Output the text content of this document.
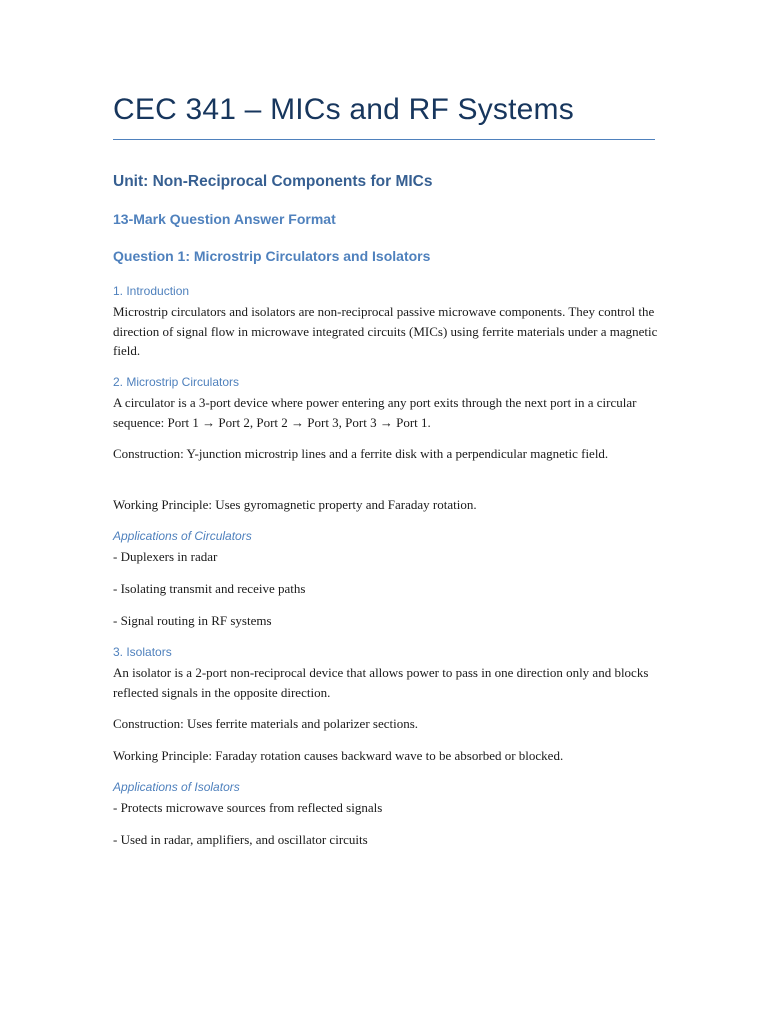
CEC 341 – MICs and RF Systems
Unit: Non-Reciprocal Components for MICs
13-Mark Question Answer Format
Question 1: Microstrip Circulators and Isolators
1. Introduction

Microstrip circulators and isolators are non-reciprocal passive microwave components. They control the direction of signal flow in microwave integrated circuits (MICs) using ferrite materials under a magnetic field.

2. Microstrip Circulators

A circulator is a 3-port device where power entering any port exits through the next port in a circular sequence: Port 1 → Port 2, Port 2 → Port 3, Port 3 → Port 1.

Construction: Y-junction microstrip lines and a ferrite disk with a perpendicular magnetic field.

Working Principle: Uses gyromagnetic property and Faraday rotation.

Applications of Circulators

- Duplexers in radar

- Isolating transmit and receive paths

- Signal routing in RF systems

3. Isolators

An isolator is a 2-port non-reciprocal device that allows power to pass in one direction only and blocks reflected signals in the opposite direction.

Construction: Uses ferrite materials and polarizer sections.

Working Principle: Faraday rotation causes backward wave to be absorbed or blocked.

Applications of Isolators

- Protects microwave sources from reflected signals

- Used in radar, amplifiers, and oscillator circuits
